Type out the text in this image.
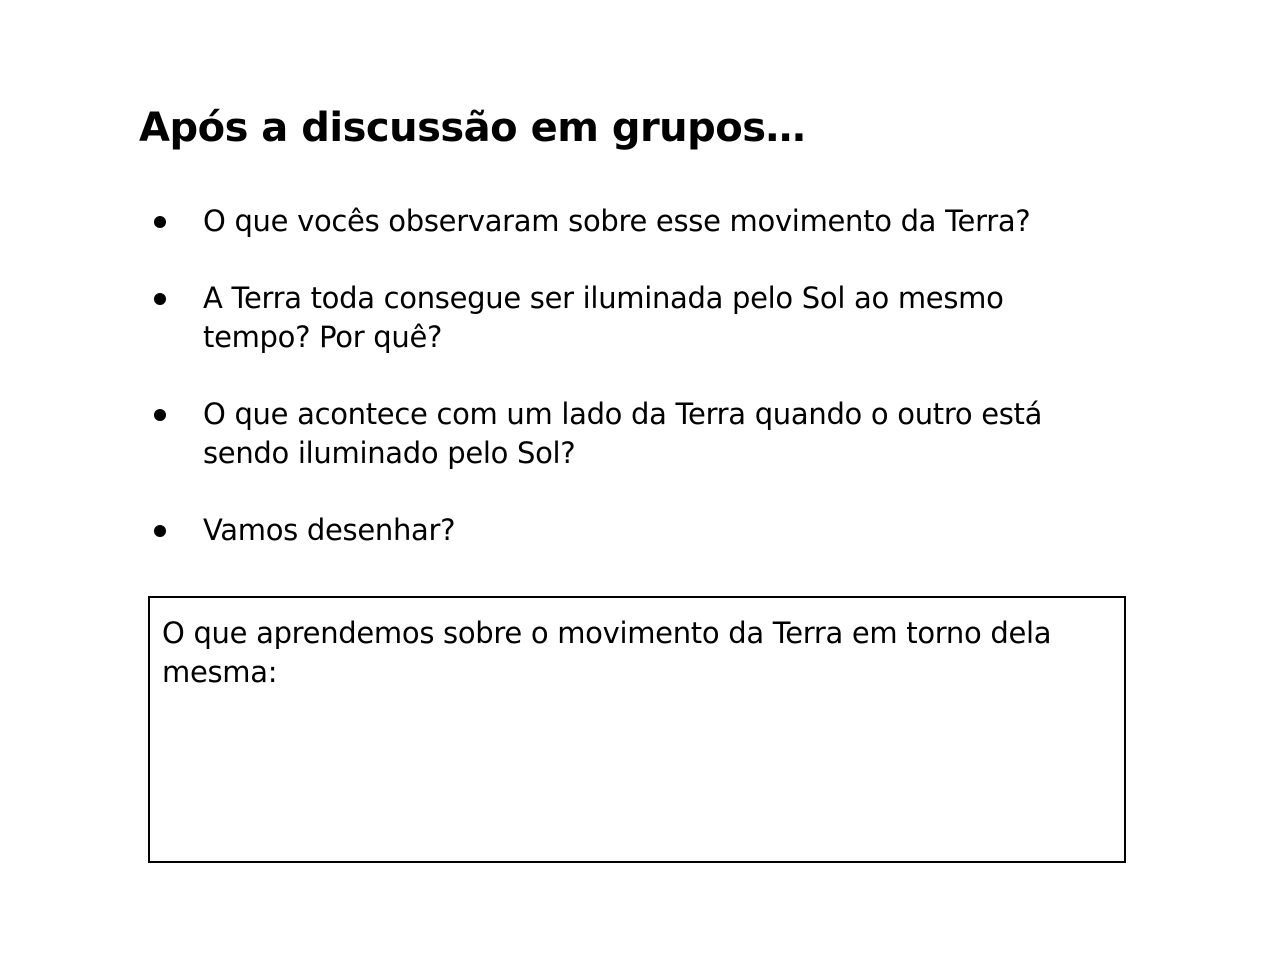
Após a discussão em grupos…
O que vocês observaram sobre esse movimento da Terra?
A Terra toda consegue ser iluminada pelo Sol ao mesmo tempo? Por quê?
O que acontece com um lado da Terra quando o outro está sendo iluminado pelo Sol?
Vamos desenhar?

O que aprendemos sobre o movimento da Terra em torno dela mesma:
